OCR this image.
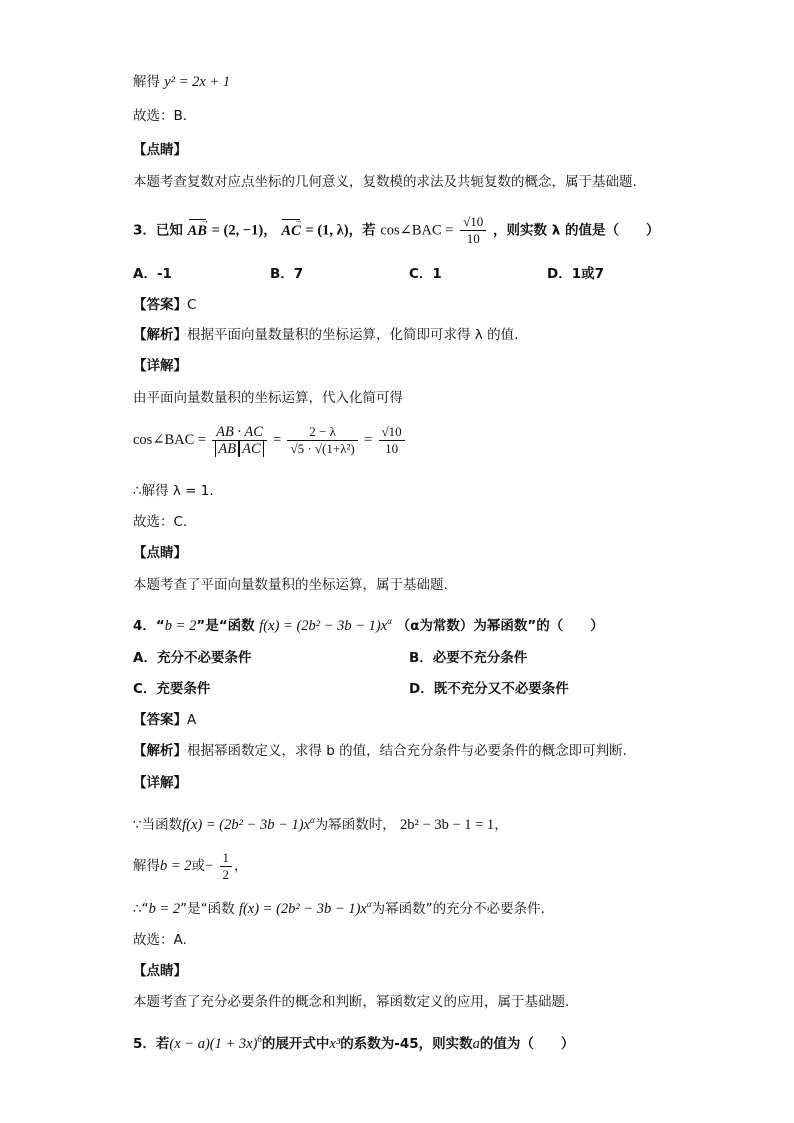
解得 y² = 2x + 1
故选：B.
【点睛】
本题考查复数对应点坐标的几何意义，复数模的求法及共轭复数的概念，属于基础题.
3．已知 AB → = (2, −1)， AC → = (1, λ)，若 cos∠BAC = $\frac{√10}{10}$ ，则实数 λ 的值是（　　）
A．-1	B．7	C．1	D．1或7
【答案】C
【解析】根据平面向量数量积的坐标运算，化简即可求得 λ 的值.
【详解】
由平面向量数量积的坐标运算，代入化简可得
cos∠BAC = $\frac{AB \cdot AC}{\text{AB AC}} = \frac{2 - \lambda}{\text{√5 · √(1+λ²)}} = \frac{√10}{10}$
∴解得 λ = 1.
故选：C.
【点睛】
本题考查了平面向量数量积的坐标运算，属于基础题.
4．“b = 2”是“函数 $f(x) = (2b^2 - 3b - 1)x^\alpha$ （α为常数）为幂函数”的（　　）
A．充分不必要条件	B．必要不充分条件
C．充要条件	D．既不充分又不必要条件
【答案】A
【解析】根据幂函数定义，求得 b 的值，结合充分条件与必要条件的概念即可判断.
【详解】
∵当函数$f(x) = (2b^2 - 3b - 1)x^\alpha$为幂函数时， 2b² − 3b − 1 = 1，
解得b = 2或− $\frac{1}{2}$ ，
∴“b = 2”是“函数 $f(x) = (2b^2 - 3b - 1)x^\alpha$为幂函数”的充分不必要条件.
故选：A.
【点睛】
本题考查了充分必要条件的概念和判断，幂函数定义的应用，属于基础题.
5．若$(x - a)(1 + 3x)^6$的展开式中x³的系数为-45，则实数a的值为（　　）
